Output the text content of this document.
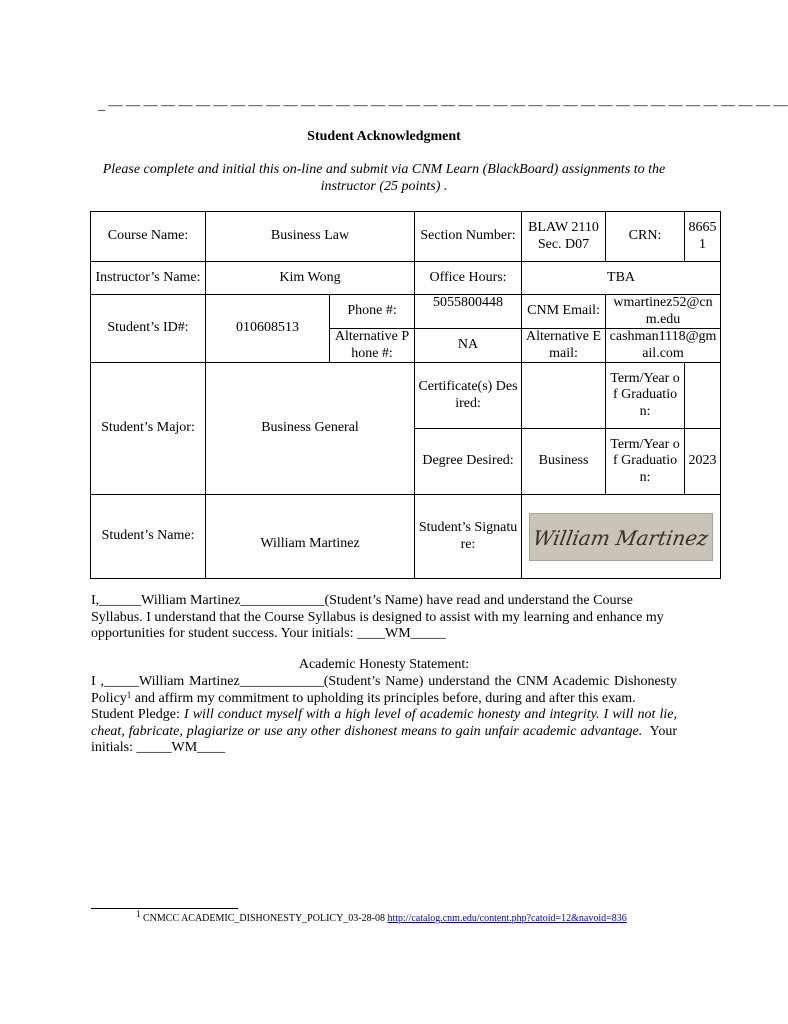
_ — — — — — — — — — — — — — — — — — — — — — — — — — — — — — — — — — — — — — — —
Student Acknowledgment
Please complete and initial this on-line and submit via CNM Learn (BlackBoard) assignments to the instructor (25 points) .
Course Name:	Business Law		Section Number:	BLAW 2110 Sec. D07	CRN:	86651
Instructor’s Name:	Kim Wong		Office Hours:	TBA		
Student’s ID#:	010608513	Phone #:	5055800448	CNM Email:	wmartinez52@cnm.edu	
		Alternative Phone #:	NA	Alternative Email:	cashman1118@gmail.com	
Student’s Major:	Business General		Certificate(s) Desired:		Term/Year of Graduation:	
			Degree Desired:	Business	Term/Year of Graduation:	2023
Student’s Name:	William Martinez		Student’s Signature:	William Martinez		
I,______William Martinez____________(Student’s Name) have read and understand the Course Syllabus. I understand that the Course Syllabus is designed to assist with my learning and enhance my opportunities for student success. Your initials: ____WM_____
Academic Honesty Statement:
I ,_____William Martinez____________(Student’s Name) understand the CNM Academic Dishonesty Policy$^1$ and affirm my commitment to upholding its principles before, during and after this exam.
Student Pledge: I will conduct myself with a high level of academic honesty and integrity. I will not lie, cheat, fabricate, plagiarize or use any other dishonest means to gain unfair academic advantage.  Your initials: _____WM____
$^1$ CNMCC ACADEMIC_DISHONESTY_POLICY_03-28-08 http://catalog.cnm.edu/content.php?catoid=12&navoid=836
